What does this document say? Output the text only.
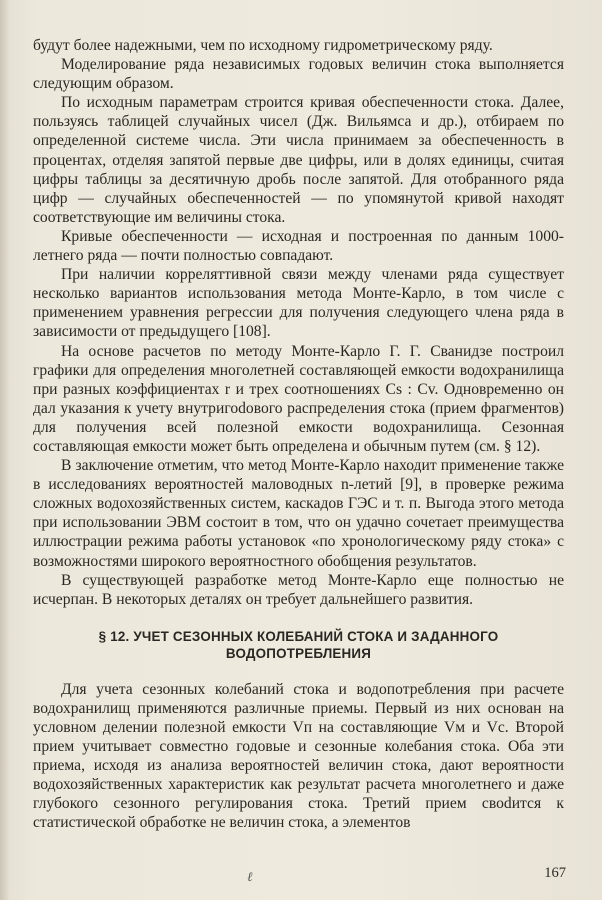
будут более надежными, чем по исходному гидрометрическому ряду.

Моделирование ряда независимых годовых величин стока выполняется следующим образом.

По исходным параметрам строится кривая обеспеченности стока. Далее, пользуясь таблицей случайных чисел (Дж. Вильямса и др.), отбираем по определенной системе числа. Эти числа принимаем за обеспеченность в процентах, отделяя запятой первые две цифры, или в долях единицы, считая цифры таблицы за десятичную дробь после запятой. Для отобранного ряда цифр — случайных обеспеченностей — по упомянутой кривой находят соответствующие им величины стока.

Кривые обеспеченности — исходная и построенная по данным 1000-летнего ряда — почти полностью совпадают.

При наличии корреляттивной связи между членами ряда существует несколько вариантов использования метода Монте-Карло, в том числе с применением уравнения регрессии для получения следующего члена ряда в зависимости от предыдущего [108].

На основе расчетов по методу Монте-Карло Г. Г. Сванидзе построил графики для определения многолетней составляющей емкости водохранилища при разных коэффициентах r и трех соотношениях Cs : Cv. Одновременно он дал указания к учету внутригоdового распределения стока (прием фрагментов) для получения всей полезной емкости водохранилища. Сезонная составляющая емкости может быть определена и обычным путем (см. § 12).

В заключение отметим, что метод Монте-Карло находит применение также в исследованиях вероятностей маловодных n-летий [9], в проверке режима сложных водохозяйственных систем, каскадов ГЭС и т. п. Выгода этого метода при использовании ЭВМ состоит в том, что он удачно сочетает преимущества иллюстрации режима работы установок «по хронологическому ряду стока» с возможностями широкого вероятностного обобщения результатов.

В существующей разработке метод Монте-Карло еще полностью не исчерпан. В некоторых деталях он требует дальнейшего развития.

§ 12. УЧЕТ СЕЗОННЫХ КОЛЕБАНИЙ СТОКА И ЗАДАННОГО
ВОДОПОТРЕБЛЕНИЯ

Для учета сезонных колебаний стока и водопотребления при расчете водохранилищ применяются различные приемы. Первый из них основан на условном делении полезной емкости Vп на составляющие Vм и Vс. Второй прием учитывает совместно годовые и сезонные колебания стока. Оба эти приема, исходя из анализа вероятностей величин стока, дают вероятности водохозяйственных характеристик как результат расчета многолетнего и даже глубокого сезонного регулирования стока. Третий прием своdится к статистической обработке не величин стока, а элементов

ℓ	167
